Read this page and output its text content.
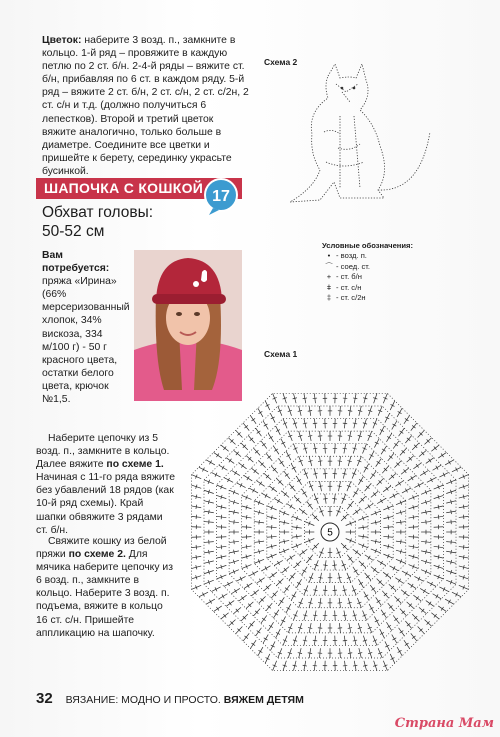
Цветок: наберите 3 возд. п., замкните в кольцо. 1-й ряд – провяжите в каждую петлю по 2 ст. б/н. 2-4-й ряды – вяжите ст. б/н, прибавляя по 6 ст. в каждом ряду. 5-й ряд – вяжите 2 ст. б/н, 2 ст. с/н, 2 ст. с/2н, 2 ст. с/н и т.д. (должно получиться 6 лепестков). Второй и третий цветок вяжите аналогично, только больше в диаметре. Соедините все цветки и пришейте к берету, серединку украсьте бусинкой.
ШАПОЧКА С КОШКОЙ 17
Обхват головы:
50-52 см
Вам потребуется:
пряжа «Ирина» (66% мерсеризованный хлопок, 34% вискоза, 334 м/100 г) - 50 г красного цвета, остатки белого цвета, крючок №1,5.
Наберите цепочку из 5 возд. п., замкните в кольцо. Далее вяжите по схеме 1. Начиная с 11-го ряда вяжите без убавлений 18 рядов (как 10-й ряд схемы). Край шапки обвяжите 3 рядами ст. б/н.
Свяжите кошку из белой пряжи по схеме 2. Для мячика наберите цепочку из 6 возд. п., замкните в кольцо. Наберите 3 возд. п. подъема, вяжите в кольцо 16 ст. с/н. Пришейте аппликацию на шапочку.
Схема 2
Условные обозначения:
• - возд. п.
⌒ - соед. ст.
+ - ст. б/н
ǂ - ст. с/н
‡ - ст. с/2н
Схема 1
5
32 ВЯЗАНИЕ: МОДНО И ПРОСТО. ВЯЖЕМ ДЕТЯМ
Страна Мам
